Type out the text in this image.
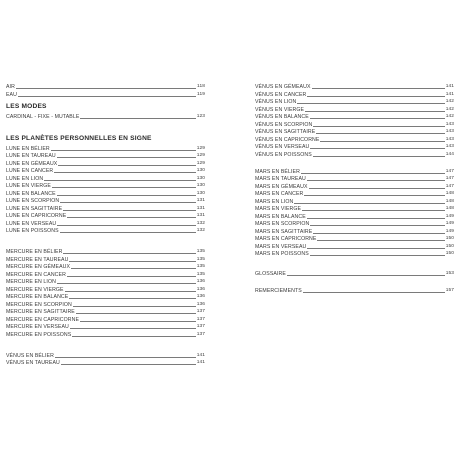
AIR	118
EAU	119
LES MODES
CARDINAL - FIXE - MUTABLE	123
LES PLANÈTES PERSONNELLES EN SIGNE
LUNE EN BÉLIER	129
LUNE EN TAUREAU	129
LUNE EN GÉMEAUX	129
LUNE EN CANCER	130
LUNE EN LION	130
LUNE EN VIERGE	130
LUNE EN BALANCE	130
LUNE EN SCORPION	131
LUNE EN SAGITTAIRE	131
LUNE EN CAPRICORNE	131
LUNE EN VERSEAU	132
LUNE EN POISSONS	132
MERCURE EN BÉLIER	135
MERCURE EN TAUREAU	135
MERCURE EN GÉMEAUX	135
MERCURE EN CANCER	135
MERCURE EN LION	136
MERCURE EN VIERGE	136
MERCURE EN BALANCE	136
MERCURE EN SCORPION	136
MERCURE EN SAGITTAIRE	137
MERCURE EN CAPRICORNE	137
MERCURE EN VERSEAU	137
MERCURE EN POISSONS	137
VÉNUS EN BÉLIER	141
VÉNUS EN TAUREAU	141
VÉNUS EN GÉMEAUX	141
VÉNUS EN CANCER	141
VÉNUS EN LION	142
VÉNUS EN VIERGE	142
VÉNUS EN BALANCE	142
VÉNUS EN SCORPION	143
VÉNUS EN SAGITTAIRE	143
VÉNUS EN CAPRICORNE	143
VÉNUS EN VERSEAU	143
VÉNUS EN POISSONS	144
MARS EN BÉLIER	147
MARS EN TAUREAU	147
MARS EN GÉMEAUX	147
MARS EN CANCER	148
MARS EN LION	148
MARS EN VIERGE	148
MARS EN BALANCE	149
MARS EN SCORPION	149
MARS EN SAGITTAIRE	149
MARS EN CAPRICORNE	150
MARS EN VERSEAU	150
MARS EN POISSONS	150
GLOSSAIRE	153
REMERCIEMENTS	157
